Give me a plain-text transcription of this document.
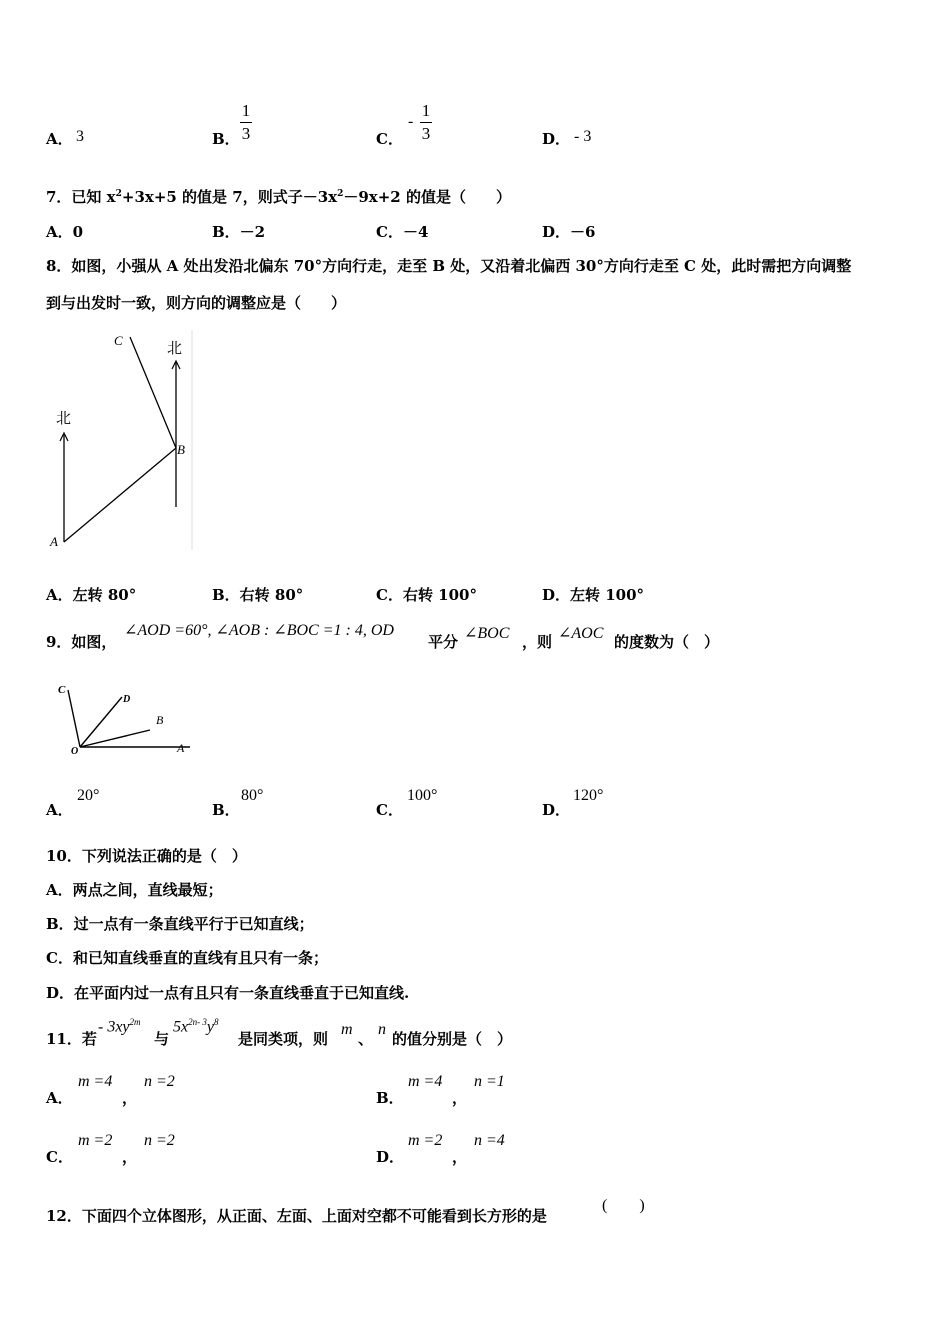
A． 3	B．
1
3	C．
-
1
3	D． - 3
7．已知 $x^2+3x+5$ 的值是 7，则式子$-3x^2-9x+2$ 的值是（　　）
A．0	B．－2	C．－4	D．－6
8．如图，小强从 A 处出发沿北偏东 70°方向行走，走至 B 处，又沿着北偏西 30°方向行走至 C 处，此时需把方向调整
到与出发时一致，则方向的调整应是（　　）
北
北
A
B
C
A．左转 80°	B．右转 80°	C．右转 100°	D．左转 100°
9．如图，
∠AOD =60°, ∠AOB : ∠BOC =1 : 4, OD
平分 ∠BOC ，则 ∠AOC 的度数为（　）
C
D
B
O	A
A．
20°
B．
80°
C．
100°
D．
120°
10．下列说法正确的是（　）
A．两点之间，直线最短；
B．过一点有一条直线平行于已知直线；
C．和已知直线垂直的直线有且只有一条；
D．在平面内过一点有且只有一条直线垂直于已知直线.
11．若
- $3xy^{2m}$
与
$5x^{2n- 3}y^8$
是同类项，则
m
、
n
的值分别是（　）
A．
m =4
，
n =2
B．
m =4
，
n =1
C．
m =2
，
n =2
D．
m =2
，
n =4
12．下面四个立体图形，从正面、左面、上面对空都不可能看到长方形的是
(　　)
